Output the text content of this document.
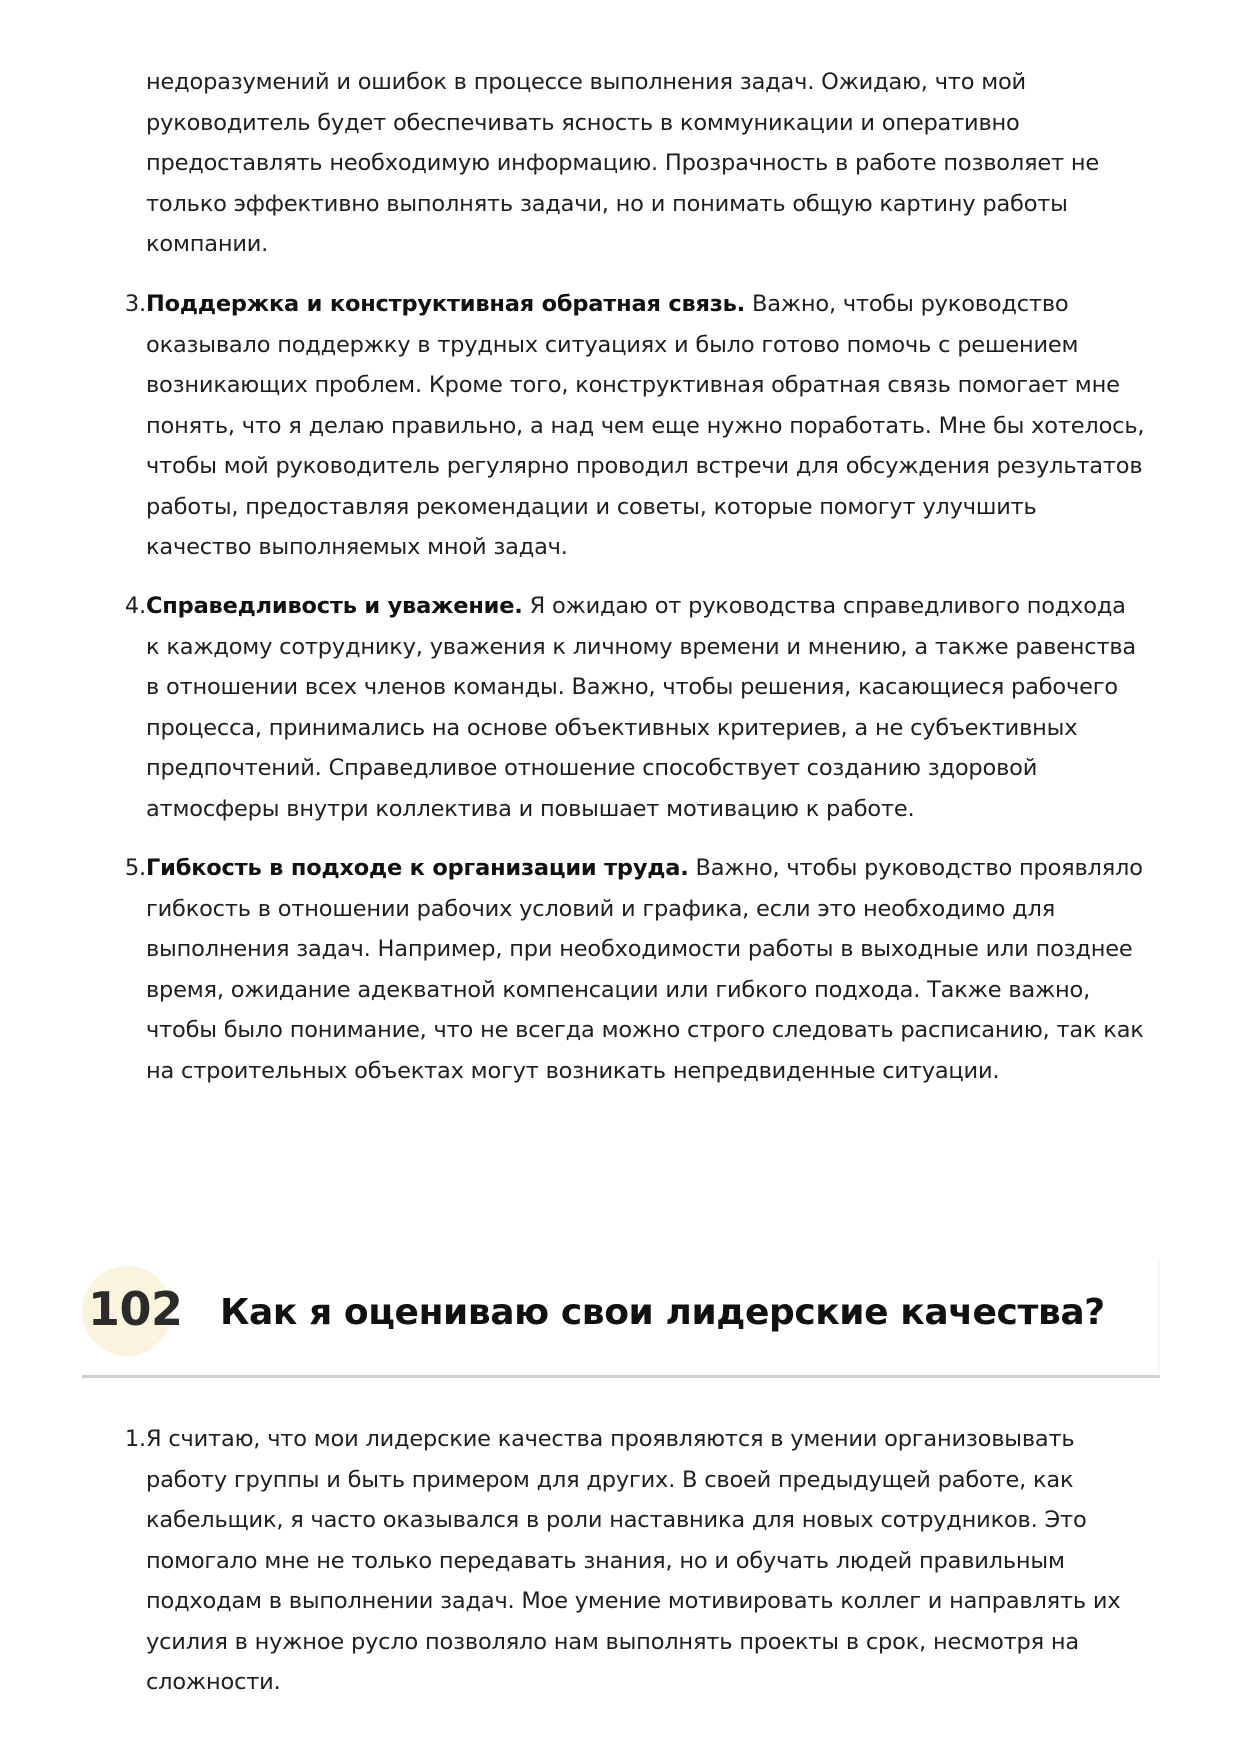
недоразумений и ошибок в процессе выполнения задач. Ожидаю, что мой руководитель будет обеспечивать ясность в коммуникации и оперативно предоставлять необходимую информацию. Прозрачность в работе позволяет не только эффективно выполнять задачи, но и понимать общую картину работы компании.
3. Поддержка и конструктивная обратная связь. Важно, чтобы руководство оказывало поддержку в трудных ситуациях и было готово помочь с решением возникающих проблем. Кроме того, конструктивная обратная связь помогает мне понять, что я делаю правильно, а над чем еще нужно поработать. Мне бы хотелось, чтобы мой руководитель регулярно проводил встречи для обсуждения результатов работы, предоставляя рекомендации и советы, которые помогут улучшить качество выполняемых мной задач.
4. Справедливость и уважение. Я ожидаю от руководства справедливого подхода к каждому сотруднику, уважения к личному времени и мнению, а также равенства в отношении всех членов команды. Важно, чтобы решения, касающиеся рабочего процесса, принимались на основе объективных критериев, а не субъективных предпочтений. Справедливое отношение способствует созданию здоровой атмосферы внутри коллектива и повышает мотивацию к работе.
5. Гибкость в подходе к организации труда. Важно, чтобы руководство проявляло гибкость в отношении рабочих условий и графика, если это необходимо для выполнения задач. Например, при необходимости работы в выходные или позднее время, ожидание адекватной компенсации или гибкого подхода. Также важно, чтобы было понимание, что не всегда можно строго следовать расписанию, так как на строительных объектах могут возникать непредвиденные ситуации.
102 Как я оцениваю свои лидерские качества?
1. Я считаю, что мои лидерские качества проявляются в умении организовывать работу группы и быть примером для других. В своей предыдущей работе, как кабельщик, я часто оказывался в роли наставника для новых сотрудников. Это помогало мне не только передавать знания, но и обучать людей правильным подходам в выполнении задач. Мое умение мотивировать коллег и направлять их усилия в нужное русло позволяло нам выполнять проекты в срок, несмотря на сложности.
